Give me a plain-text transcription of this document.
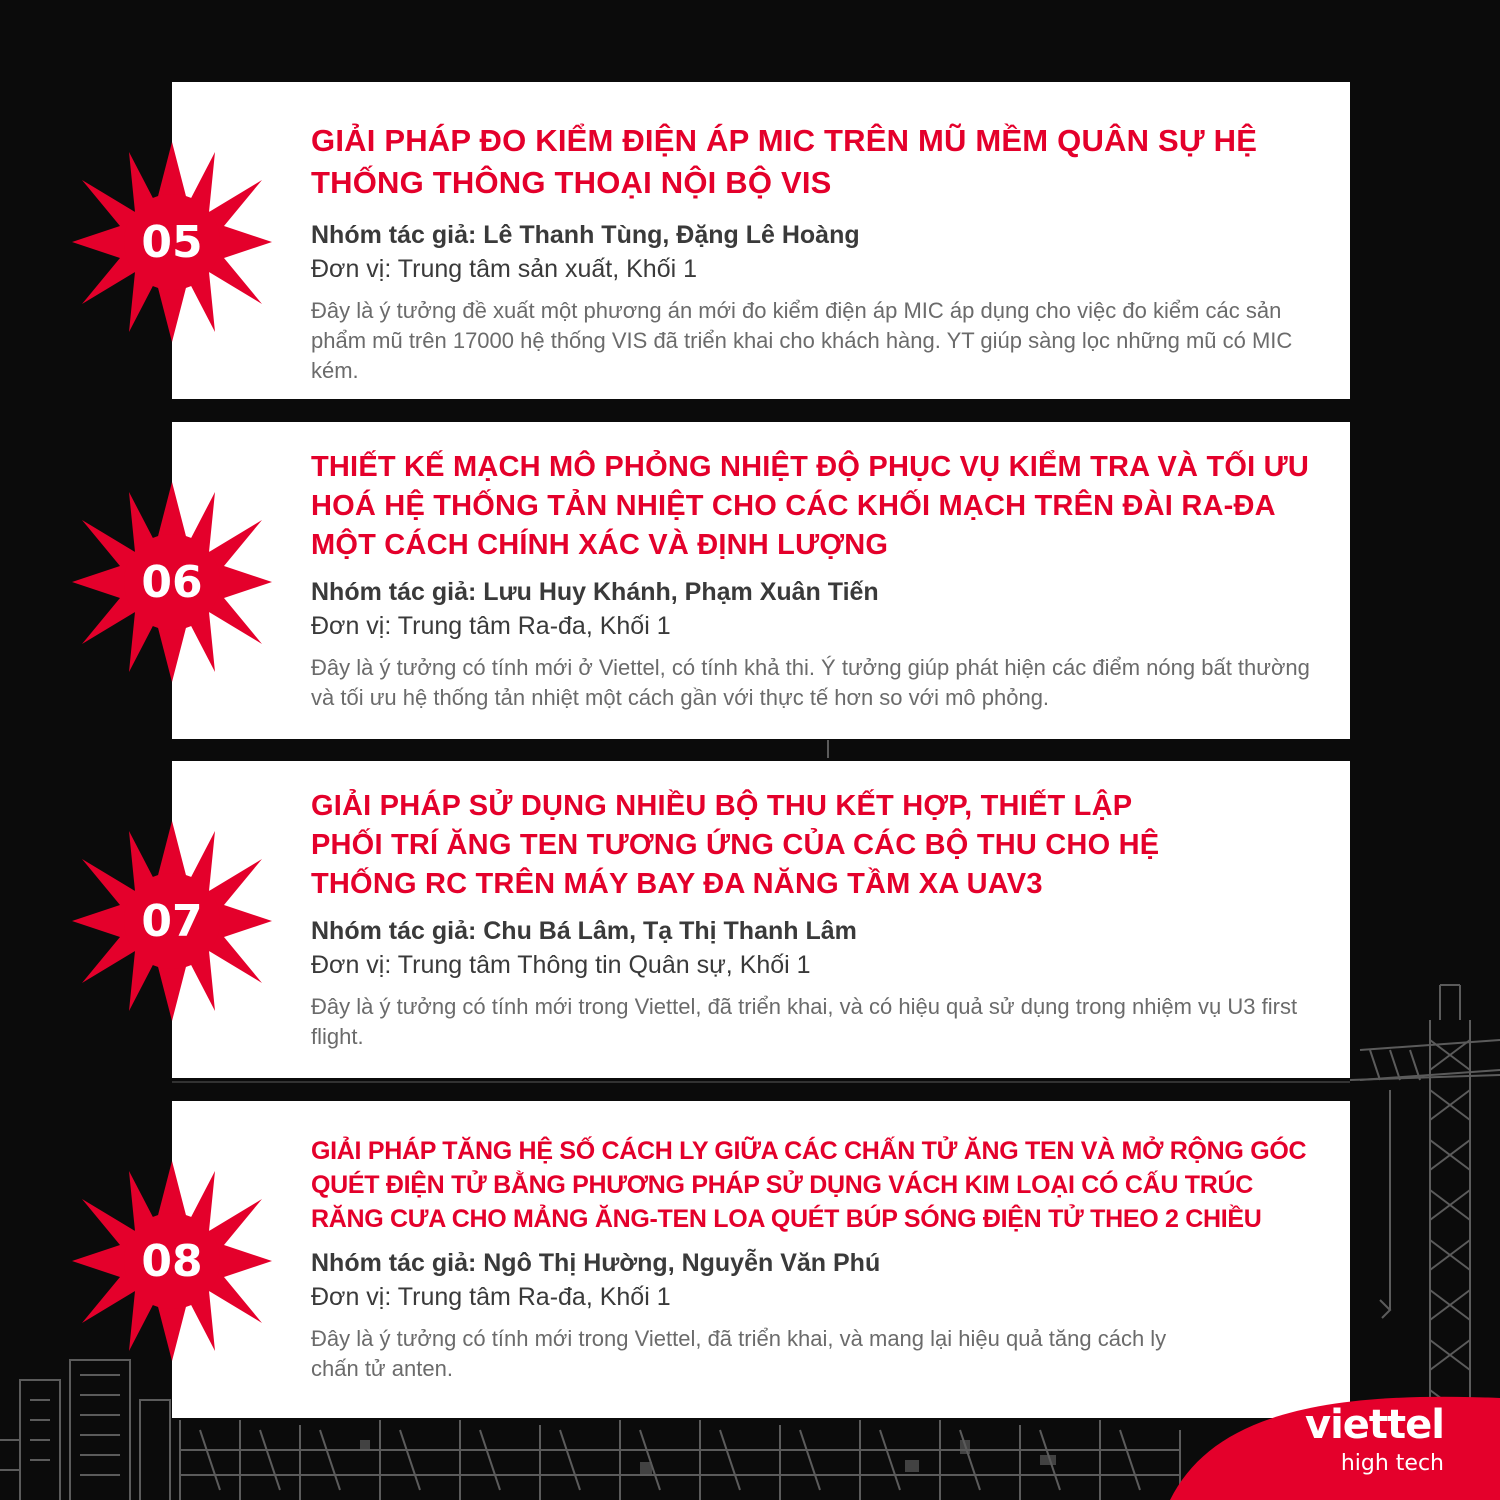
GIẢI PHÁP ĐO KIỂM ĐIỆN ÁP MIC TRÊN MŨ MỀM QUÂN SỰ HỆ THỐNG THÔNG THOẠI NỘI BỘ VIS

Nhóm tác giả: Lê Thanh Tùng, Đặng Lê Hoàng

Đơn vị: Trung tâm sản xuất, Khối 1

Đây là ý tưởng đề xuất một phương án mới đo kiểm điện áp MIC áp dụng cho việc đo kiểm các sản phẩm mũ trên 17000 hệ thống VIS đã triển khai cho khách hàng. YT giúp sàng lọc những mũ có MIC kém.

THIẾT KẾ MẠCH MÔ PHỎNG NHIỆT ĐỘ PHỤC VỤ KIỂM TRA VÀ TỐI ƯU HOÁ HỆ THỐNG TẢN NHIỆT CHO CÁC KHỐI MẠCH TRÊN ĐÀI RA-ĐA MỘT CÁCH CHÍNH XÁC VÀ ĐỊNH LƯỢNG

Nhóm tác giả: Lưu Huy Khánh, Phạm Xuân Tiến

Đơn vị: Trung tâm Ra-đa, Khối 1

Đây là ý tưởng có tính mới ở Viettel, có tính khả thi. Ý tưởng giúp phát hiện các điểm nóng bất thường và tối ưu hệ thống tản nhiệt một cách gần với thực tế hơn so với mô phỏng.

GIẢI PHÁP SỬ DỤNG NHIỀU BỘ THU KẾT HỢP, THIẾT LẬP PHỐI TRÍ ĂNG TEN TƯƠNG ỨNG CỦA CÁC BỘ THU CHO HỆ THỐNG RC TRÊN MÁY BAY ĐA NĂNG TẦM XA UAV3

Nhóm tác giả: Chu Bá Lâm, Tạ Thị Thanh Lâm

Đơn vị: Trung tâm Thông tin Quân sự, Khối 1

Đây là ý tưởng có tính mới trong Viettel, đã triển khai, và có hiệu quả sử dụng trong nhiệm vụ U3 first flight.

GIẢI PHÁP TĂNG HỆ SỐ CÁCH LY GIỮA CÁC CHẤN TỬ ĂNG TEN VÀ MỞ RỘNG GÓC QUÉT ĐIỆN TỬ BẰNG PHƯƠNG PHÁP SỬ DỤNG VÁCH KIM LOẠI CÓ CẤU TRÚC RĂNG CƯA CHO MẢNG ĂNG-TEN LOA QUÉT BÚP SÓNG ĐIỆN TỬ THEO 2 CHIỀU

Nhóm tác giả: Ngô Thị Hường, Nguyễn Văn Phú

Đơn vị: Trung tâm Ra-đa, Khối 1

Đây là ý tưởng có tính mới trong Viettel, đã triển khai, và mang lại hiệu quả tăng cách ly chấn tử anten.

05
06
07
08
viettel
high tech
